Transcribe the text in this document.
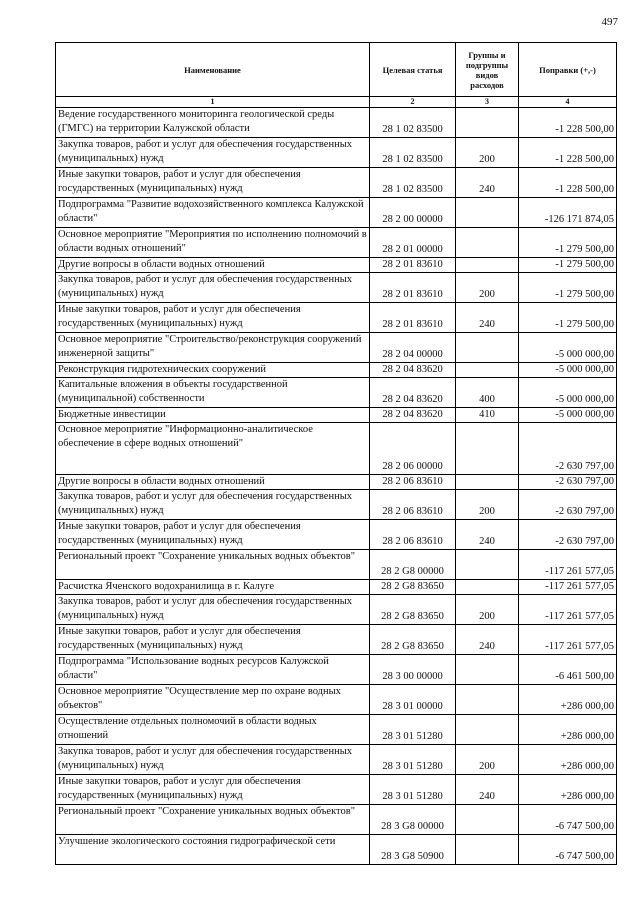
497
Наименование	Целевая статья	Группы и подгруппы видов расходов	Поправки (+,-)
1	2	3	4
Ведение государственного мониторинга геологической среды (ГМГС) на территории Калужской области	28 1 02 83500		-1 228 500,00
Закупка товаров, работ и услуг для обеспечения государственных (муниципальных) нужд	28 1 02 83500	200	-1 228 500,00
Иные закупки товаров, работ и услуг для обеспечения государственных (муниципальных) нужд	28 1 02 83500	240	-1 228 500,00
Подпрограмма "Развитие водохозяйственного комплекса Калужской области"	28 2 00 00000		-126 171 874,05
Основное мероприятие "Мероприятия по исполнению полномочий в области водных отношений"	28 2 01 00000		-1 279 500,00
Другие вопросы в области водных отношений	28 2 01 83610		-1 279 500,00
Закупка товаров, работ и услуг для обеспечения государственных (муниципальных) нужд	28 2 01 83610	200	-1 279 500,00
Иные закупки товаров, работ и услуг для обеспечения государственных (муниципальных) нужд	28 2 01 83610	240	-1 279 500,00
Основное мероприятие "Строительство/реконструкция сооружений инженерной защиты"	28 2 04 00000		-5 000 000,00
Реконструкция гидротехнических сооружений	28 2 04 83620		-5 000 000,00
Капитальные вложения в объекты государственной (муниципальной) собственности	28 2 04 83620	400	-5 000 000,00
Бюджетные инвестиции	28 2 04 83620	410	-5 000 000,00
Основное мероприятие "Информационно-аналитическое обеспечение в сфере водных отношений"	28 2 06 00000		-2 630 797,00
Другие вопросы в области водных отношений	28 2 06 83610		-2 630 797,00
Закупка товаров, работ и услуг для обеспечения государственных (муниципальных) нужд	28 2 06 83610	200	-2 630 797,00
Иные закупки товаров, работ и услуг для обеспечения государственных (муниципальных) нужд	28 2 06 83610	240	-2 630 797,00
Региональный проект "Сохранение уникальных водных объектов"	28 2 G8 00000		-117 261 577,05
Расчистка Яченского водохранилища в г. Калуге	28 2 G8 83650		-117 261 577,05
Закупка товаров, работ и услуг для обеспечения государственных (муниципальных) нужд	28 2 G8 83650	200	-117 261 577,05
Иные закупки товаров, работ и услуг для обеспечения государственных (муниципальных) нужд	28 2 G8 83650	240	-117 261 577,05
Подпрограмма "Использование водных ресурсов Калужской области"	28 3 00 00000		-6 461 500,00
Основное мероприятие "Осуществление мер по охране водных объектов"	28 3 01 00000		+286 000,00
Осуществление отдельных полномочий в области водных отношений	28 3 01 51280		+286 000,00
Закупка товаров, работ и услуг для обеспечения государственных (муниципальных) нужд	28 3 01 51280	200	+286 000,00
Иные закупки товаров, работ и услуг для обеспечения государственных (муниципальных) нужд	28 3 01 51280	240	+286 000,00
Региональный проект "Сохранение уникальных водных объектов"	28 3 G8 00000		-6 747 500,00
Улучшение экологического состояния гидрографической сети	28 3 G8 50900		-6 747 500,00
